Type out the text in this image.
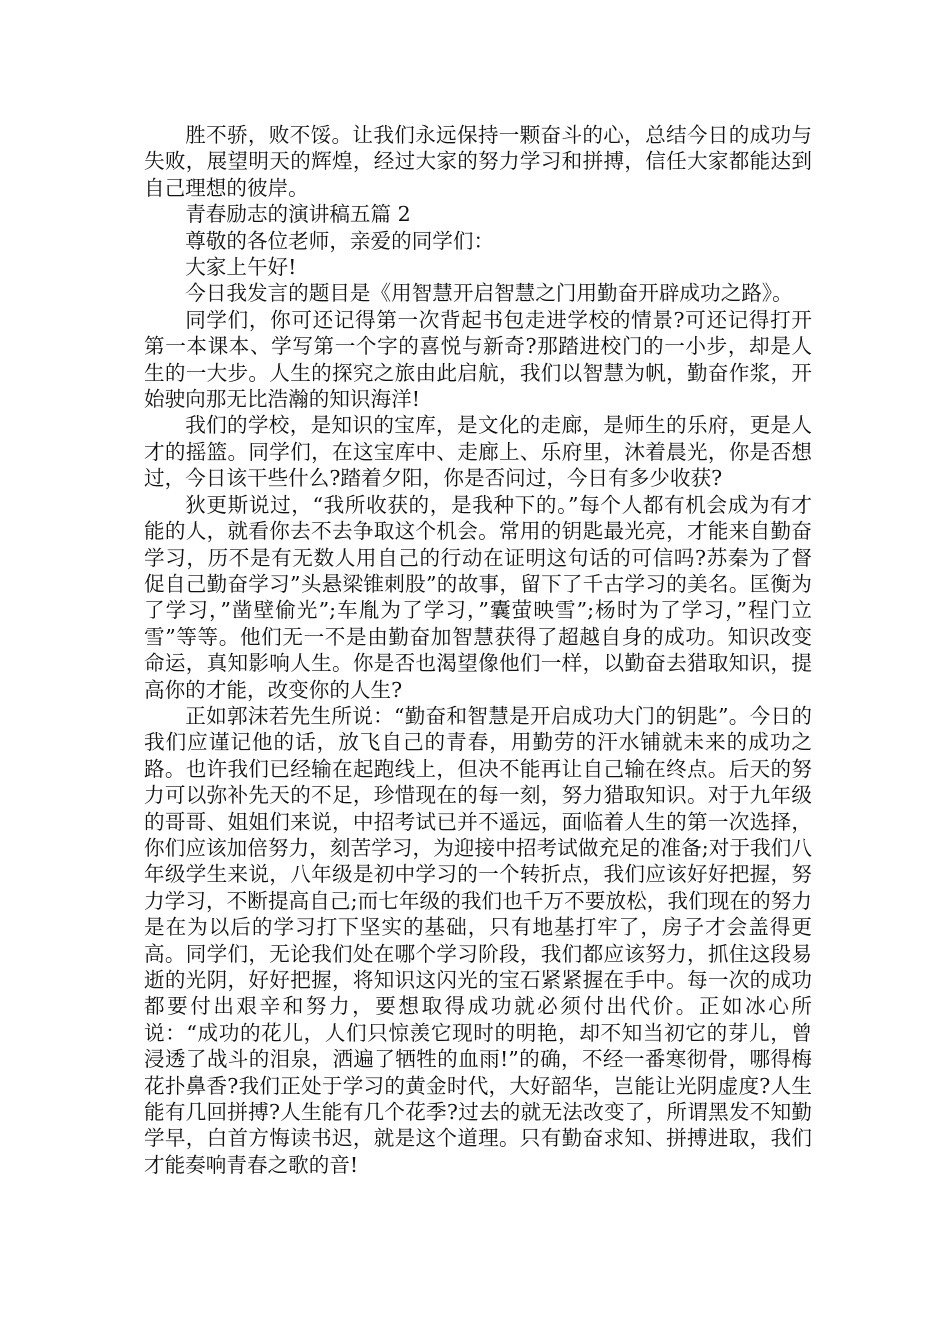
胜不骄，败不馁。让我们永远保持一颗奋斗的心，总结今日的成功与失败，展望明天的辉煌，经过大家的努力学习和拼搏，信任大家都能达到自己理想的彼岸。

青春励志的演讲稿五篇 2

尊敬的各位老师，亲爱的同学们：

大家上午好!

今日我发言的题目是《用智慧开启智慧之门用勤奋开辟成功之路》。

同学们，你可还记得第一次背起书包走进学校的情景?可还记得打开第一本课本、学写第一个字的喜悦与新奇?那踏进校门的一小步，却是人生的一大步。人生的探究之旅由此启航，我们以智慧为帆，勤奋作浆，开始驶向那无比浩瀚的知识海洋!

我们的学校，是知识的宝库，是文化的走廊，是师生的乐府，更是人才的摇篮。同学们，在这宝库中、走廊上、乐府里，沐着晨光，你是否想过，今日该干些什么?踏着夕阳，你是否问过，今日有多少收获?

狄更斯说过，“我所收获的，是我种下的。”每个人都有机会成为有才能的人，就看你去不去争取这个机会。常用的钥匙最光亮，才能来自勤奋学习，历不是有无数人用自己的行动在证明这句话的可信吗?苏秦为了督促自己勤奋学习”头悬梁锥刺股”的故事，留下了千古学习的美名。匡衡为了学习，”凿壁偷光”;车胤为了学习，”囊萤映雪”;杨时为了学习，”程门立雪”等等。他们无一不是由勤奋加智慧获得了超越自身的成功。知识改变命运，真知影响人生。你是否也渴望像他们一样，以勤奋去猎取知识，提高你的才能，改变你的人生?

正如郭沫若先生所说：“勤奋和智慧是开启成功大门的钥匙”。今日的我们应谨记他的话，放飞自己的青春，用勤劳的汗水铺就未来的成功之路。也许我们已经输在起跑线上，但决不能再让自己输在终点。后天的努力可以弥补先天的不足，珍惜现在的每一刻，努力猎取知识。对于九年级的哥哥、姐姐们来说，中招考试已并不遥远，面临着人生的第一次选择，你们应该加倍努力，刻苦学习，为迎接中招考试做充足的准备;对于我们八年级学生来说，八年级是初中学习的一个转折点，我们应该好好把握，努力学习，不断提高自己;而七年级的我们也千万不要放松，我们现在的努力是在为以后的学习打下坚实的基础，只有地基打牢了，房子才会盖得更高。同学们，无论我们处在哪个学习阶段，我们都应该努力，抓住这段易逝的光阴，好好把握，将知识这闪光的宝石紧紧握在手中。每一次的成功都要付出艰辛和努力，要想取得成功就必须付出代价。正如冰心所说：“成功的花儿，人们只惊羡它现时的明艳，却不知当初它的芽儿，曾浸透了战斗的泪泉，洒遍了牺牲的血雨!”的确，不经一番寒彻骨，哪得梅花扑鼻香?我们正处于学习的黄金时代，大好韶华，岂能让光阴虚度?人生能有几回拼搏?人生能有几个花季?过去的就无法改变了，所谓黑发不知勤学早，白首方悔读书迟，就是这个道理。只有勤奋求知、拼搏进取，我们才能奏响青春之歌的音!
